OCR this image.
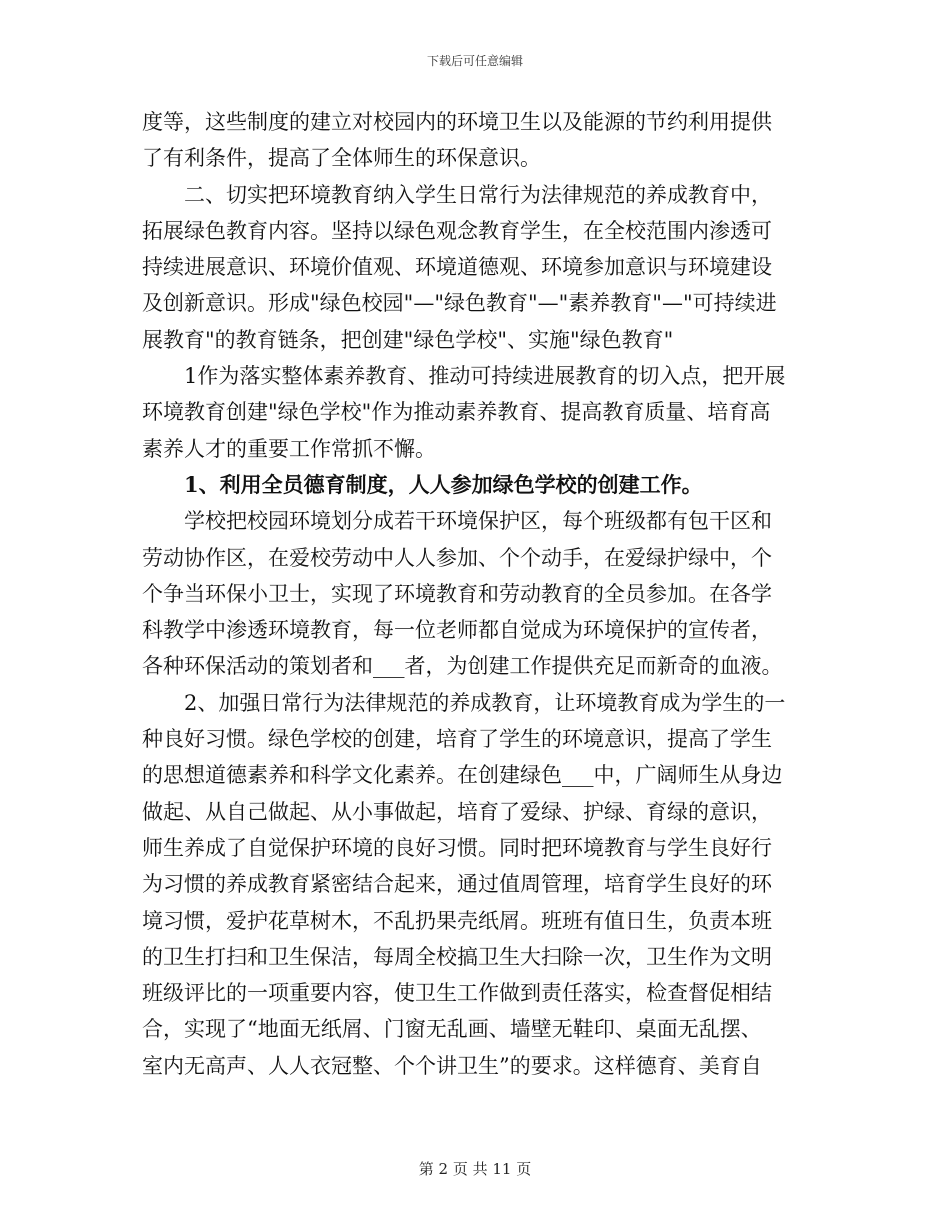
下载后可任意编辑
度等，这些制度的建立对校园内的环境卫生以及能源的节约利用提供
了有利条件，提高了全体师生的环保意识。
　　二、切实把环境教育纳入学生日常行为法律规范的养成教育中，
拓展绿色教育内容。坚持以绿色观念教育学生，在全校范围内渗透可
持续进展意识、环境价值观、环境道德观、环境参加意识与环境建设
及创新意识。形成"绿色校园"—"绿色教育"—"素养教育"—"可持续进
展教育"的教育链条，把创建"绿色学校"、实施"绿色教育"
　　1作为落实整体素养教育、推动可持续进展教育的切入点，把开展
环境教育创建"绿色学校"作为推动素养教育、提高教育质量、培育高
素养人才的重要工作常抓不懈。
　　1、利用全员德育制度，人人参加绿色学校的创建工作。
　　学校把校园环境划分成若干环境保护区，每个班级都有包干区和
劳动协作区，在爱校劳动中人人参加、个个动手，在爱绿护绿中，个
个争当环保小卫士，实现了环境教育和劳动教育的全员参加。在各学
科教学中渗透环境教育，每一位老师都自觉成为环境保护的宣传者，
各种环保活动的策划者和___者，为创建工作提供充足而新奇的血液。
　　2、加强日常行为法律规范的养成教育，让环境教育成为学生的一
种良好习惯。绿色学校的创建，培育了学生的环境意识，提高了学生
的思想道德素养和科学文化素养。在创建绿色___中，广阔师生从身边
做起、从自己做起、从小事做起，培育了爱绿、护绿、育绿的意识，
师生养成了自觉保护环境的良好习惯。同时把环境教育与学生良好行
为习惯的养成教育紧密结合起来，通过值周管理，培育学生良好的环
境习惯，爱护花草树木，不乱扔果壳纸屑。班班有值日生，负责本班
的卫生打扫和卫生保洁，每周全校搞卫生大扫除一次，卫生作为文明
班级评比的一项重要内容，使卫生工作做到责任落实，检查督促相结
合，实现了“地面无纸屑、门窗无乱画、墙壁无鞋印、桌面无乱摆、
室内无高声、人人衣冠整、个个讲卫生”的要求。这样德育、美育自
第 2 页 共 11 页
